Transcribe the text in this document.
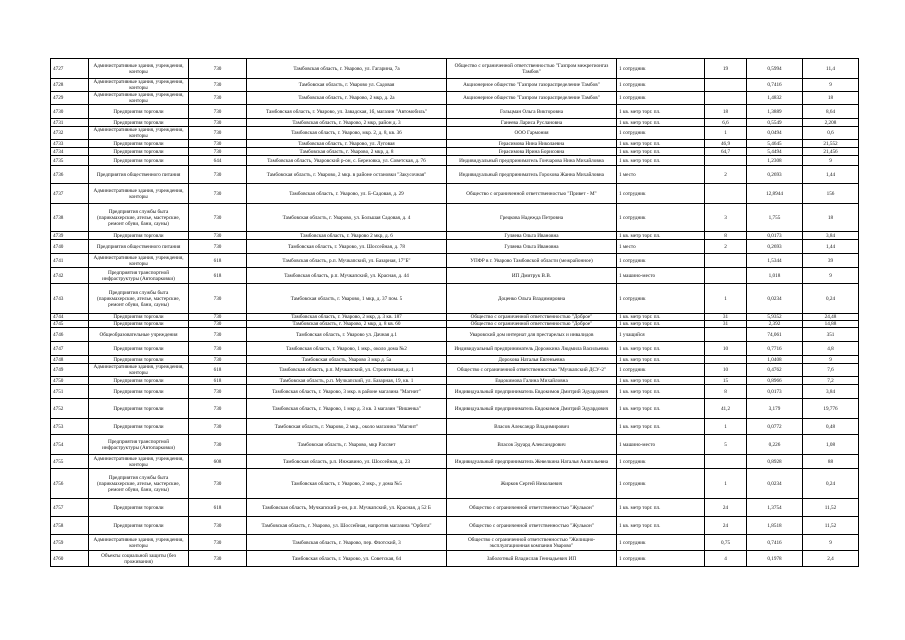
4727	Административные здания, учреждения, конторы	730	Тамбовская область, г. Уварово, ул. Гагарина, 7а	Общество с ограниченной ответственностью "Газпром межрегионгаз Тамбов"	1 сотрудник	19	0,5994	11,4
4728	Административные здания, учреждения, конторы	730	Тамбовская область, г. Уварово ул. Садовая	Акционерное общество "Газпром газораспределение Тамбов"	1 сотрудник		0,7416	9
4729	Административные здания, учреждения, конторы	730	Тамбовская область, г. Уварово, 2 мкр, д. 2а	Акционерное общество "Газпром газораспределение Тамбов"	1 сотрудник		1,4832	18
4730	Предприятия торговли	730	Тамбовская область, г. Уварово, ул. Завадская, 1б, магазин "Автомобиль"	Гольцман Ольга Викторовна	1 кв. метр торг. пл.	18	1,3889	8,64
4731	Предприятия торговли	730	Тамбовская область, г. Уварово, 2 мкр, район д. 3	Ганеева Лариса Руслановна	1 кв. метр торг. пл.	6,6	0,5549	2,208
4732	Административные здания, учреждения, конторы	730	Тамбовская область, г. Уварово, мкр. 2, д. 8, кв. 36	ООО Гармония	1 сотрудник	1	0,0494	0,6
4733	Предприятия торговли	730	Тамбовская область, г. Уварово, ул. Луговая	Герасимова Нина Николаевна	1 кв. метр торг. пл.	46,9	5,4645	21,552
4734	Предприятия торговли	730	Тамбовская область, г. Уварово, 2 мкр, д. 8	Герасимова Ирина Борисовна	1 кв. метр торг. пл.	64,7	5,4494	21,456
4735	Предприятия торговли	644	Тамбовская область, Уваровский р-он, с. Березовка, ул. Советская, д. 76	Индивидуальный предприниматель Гончарова Нина Михайловна	1 кв. метр торг. пл.		1,2308	9
4736	Предприятия общественного питания	730	Тамбовская область, г. Уварово, 2 мкр. в районе остановки "Закусочная"	Индивидуальный предприниматель Горохова Жанна Михайловна	1 место	2	0,2693	1,44
4737	Административные здания, учреждения, конторы	730	Тамбовская область, г. Уварово, ул. Б-Садовая, д. 29	Общество с ограниченной ответственностью "Привет - М"	1 сотрудник		12,8944	156
4738	Предприятия службы быта (парикмахерские, ателье, мастерские, ремонт обуви, бани, сауны)	730	Тамбовская область, г. Уварово, ул. Большая Садовая, д. 4	Грецкова Надежда Петровна	1 сотрудник	3	1,755	18
4739	Предприятия торговли	730	Тамбовская область, г. Уварово 2 мкр, д. 6	Гуляева Ольга Ивановна	1 кв. метр торг. пл.	8	0,0173	3,84
4740	Предприятия общественного питания	730	Тамбовская область, г. Уварово, ул. Шоссейная, д. 78	Гуляева Ольга Ивановна	1 место	2	0,2693	1,44
4741	Административные здания, учреждения, конторы	618	Тамбовская область, р.п. Мучкапский, ул. Базарная, 17"Б"	УПФР в г. Уварово Тамбовской области (межрайонное)	1 сотрудник		1,5344	39
4742	Предприятия транспортной инфраструктуры (Автопарковки)	618	Тамбовская область, р.п. Мучкапский, ул. Красная, д. 44	ИП Дмитрук В.В.	1 машино-место		1,018	9
4743	Предприятия службы быта (парикмахерские, ателье, мастерские, ремонт обуви, бани, сауны)	730	Тамбовская область, г. Уварово, 1 мкр, д. 37 пом. 5	Доценко Ольга Владимировна	1 сотрудник	1	0,0234	0,24
4744	Предприятия торговли	730	Тамбовская область, г. Уварово, 2 мкр, д. 3 кв. 187	Общество с ограниченной ответственностью "Доброе"	1 кв. метр торг. пл.	31	5,9352	24,48
4745	Предприятия торговли	730	Тамбовская область, г. Уварово, 2 мкр, д. 8 кв. 60	Общество с ограниченной ответственностью "Доброе"	1 кв. метр торг. пл.	31	2,392	14,88
4746	Общеобразовательные учреждения	730	Тамбовская область, г. Уварово ул. Дачная д.1	Уваровский дом интернат для престарелых и инвалидов	1 учащийся		74,061	351
4747	Предприятия торговли	730	Тамбовская область, г. Уварово, 1 мкр., около дома №2	Индивидуальный предприниматель Дорожкина Людмила Васильевна	1 кв. метр торг. пл.	10	0,7716	4,8
4748	Предприятия торговли	730	Тамбовская область, Уварово 3 мкр д. 5а	Дорохова Наталья Евгеньевна	1 кв. метр торг. пл.		1,0408	9
4749	Административные здания, учреждения, конторы	618	Тамбовская область, р.п. Мучкапский, ул. Строительная, д. 1	Общество с ограниченной ответственностью "Мучкапский ДСУ-2"	1 сотрудник	10	0,4762	7,6
4750	Предприятия торговли	618	Тамбовская область, р.п. Мучкапский, ул. Базарная, 19, кв. 1	Евдокимова Галина Михайловна	1 кв. метр торг. пл.	15	0,8966	7,2
4751	Предприятия торговли	730	Тамбовская область, г. Уварово, 3 мкр. в районе магазина "Магнит"	Индивидуальный предприниматель Евдокимов Дмитрий Эдуардович	1 кв. метр торг. пл.	8	0,0173	3,84
4752	Предприятия торговли	730	Тамбовская область, г. Уварово, 1 мкр д. 3 кв. 3 магазин "Вишенка"	Индивидуальный предприниматель Евдокимов Дмитрий Эдуардович	1 кв. метр торг. пл.	41,2	3,179	19,776
4753	Предприятия торговли	730	Тамбовская область, г. Уварово, 2 мкр., около магазина "Магнит"	Власов Александр Владимирович	1 кв. метр торг. пл.	1	0,0772	0,48
4754	Предприятия транспортной инфраструктуры (Автопарковки)	730	Тамбовская область, г. Уварово, мкр Рассвет	Власов Эдуард Александрович	1 машино-место	5	0,226	1,08
4755	Административные здания, учреждения, конторы	608	Тамбовская область, р.п. Инжавино, ул. Шоссейная, д. 23	Индивидуальный предприниматель Жевелкина Наталья Анатольевна	1 сотрудник		0,8928	88
4756	Предприятия службы быта (парикмахерские, ателье, мастерские, ремонт обуви, бани, сауны)	730	Тамбовская область, г. Уварово, 2 мкр., у дома №5	Жирков Сергей Николаевич	1 сотрудник	1	0,0234	0,24
4757	Предприятия торговли	618	Тамбовская область, Мучкапский р-он, р.п. Мучкапский, ул. Красная, д 52 Б	Общество с ограниченной ответственностью "Жулькон"	1 кв. метр торг. пл.	24	1,3754	11,52
4758	Предприятия торговли	730	Тамбовская область, г. Уварово, ул. Шоссейная, напротив магазина "Орбита"	Общество с ограниченной ответственностью "Жулькон"	1 кв. метр торг. пл.	24	1,8518	11,52
4759	Административные здания, учреждения, конторы	730	Тамбовская область, г. Уварово, пер. Флотский, 3	Общество с ограниченной ответственностью "Жилищно-эксплуатационная компания Уварово"	1 сотрудник	0,75	0,7416	9
4760	Объекты социальной защиты (без проживания)	730	Тамбовская область, г. Уварово, ул. Советская, 64	Заболотный Владислав Геннадьевич ИП	1 сотрудник	4	0,1978	2,4
